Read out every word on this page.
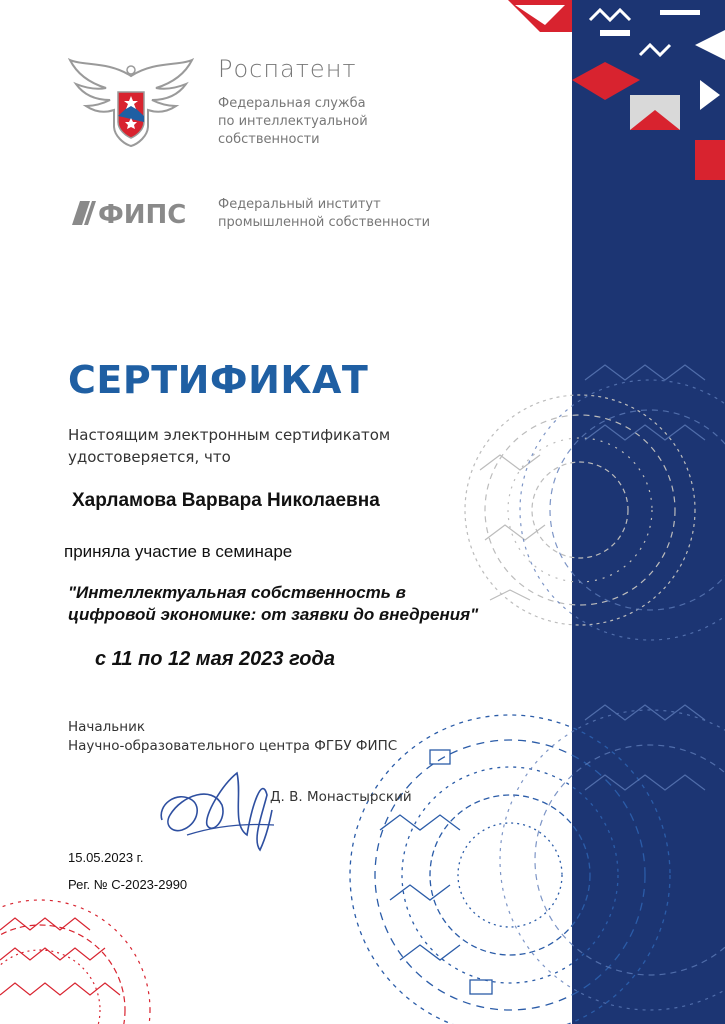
Роспатент
Федеральная служба
по интеллектуальной
собственности
ФИПС Федеральный институт
промышленной собственности
СЕРТИФИКАТ
Настоящим электронным сертификатом
удостоверяется, что
Харламова Варвара Николаевна
приняла участие в семинаре
"Интеллектуальная собственность в
цифровой экономике: от заявки до внедрения"
с 11 по 12 мая 2023 года
Начальник
Научно-образовательного центра ФГБУ ФИПС
Д. В. Монастырский
15.05.2023 г.
Рег. № С-2023-2990
